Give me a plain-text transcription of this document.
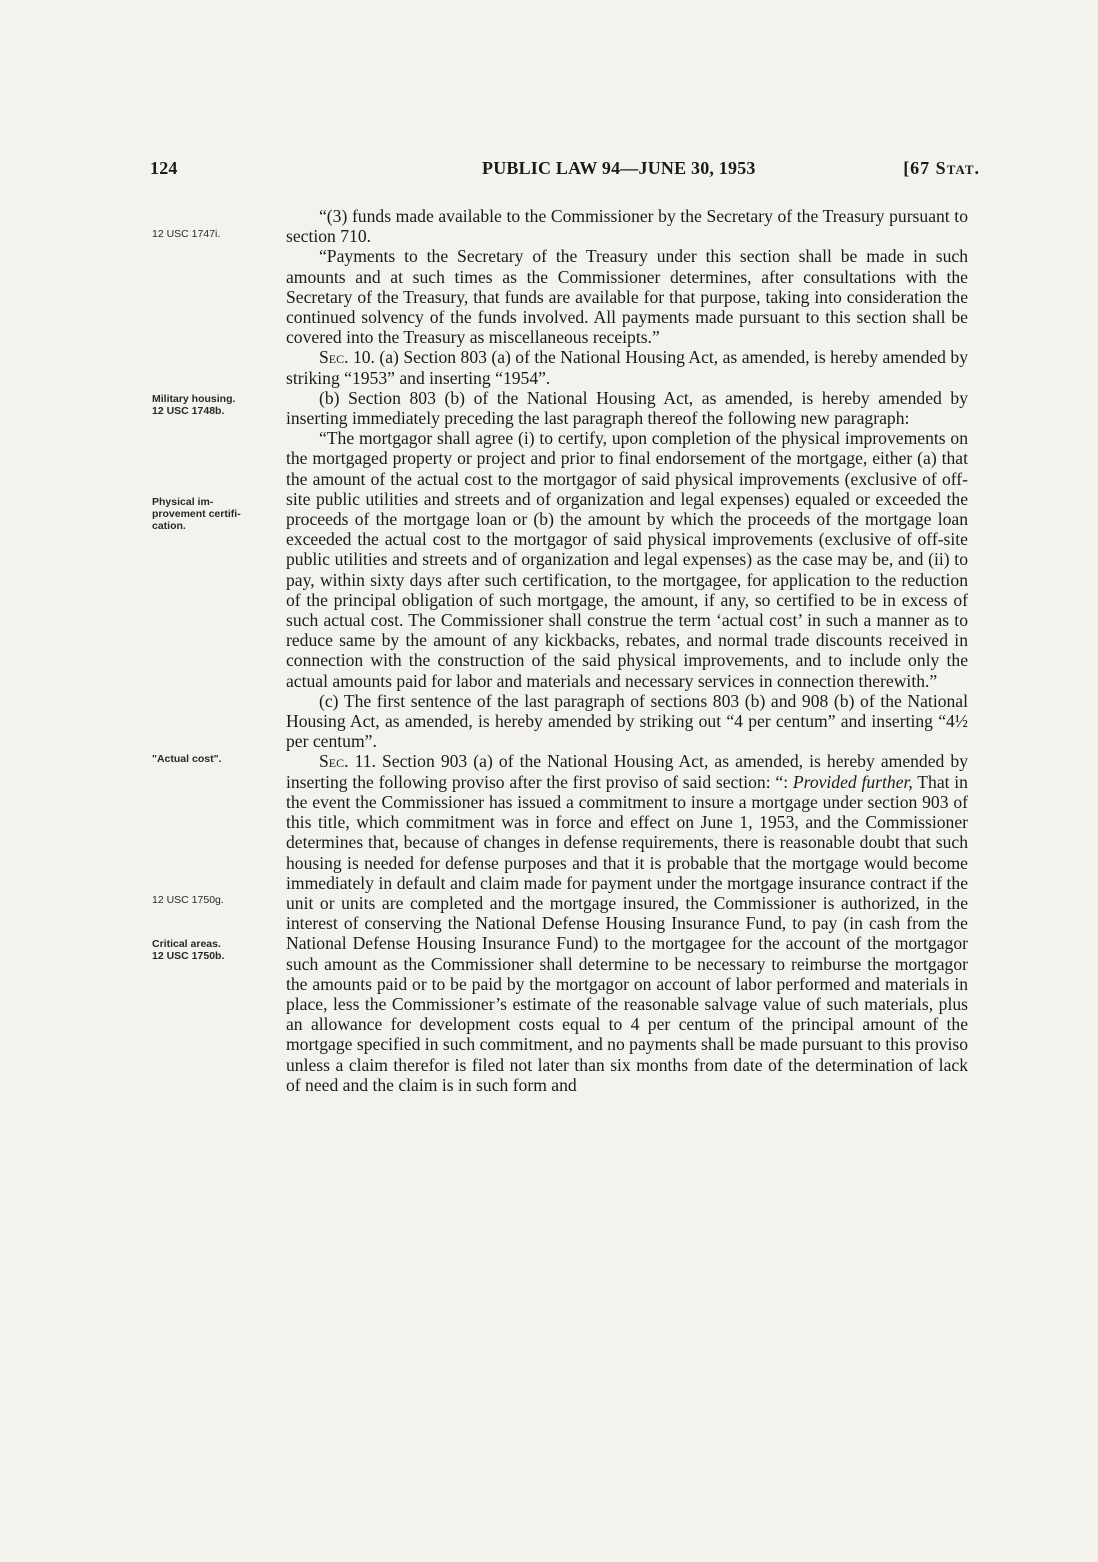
124	PUBLIC LAW 94—JUNE 30, 1953	[67 Stat.
12 USC 1747i.
Military housing.
12 USC 1748b.
Physical im-
provement certifi-
cation.
"Actual cost".
12 USC 1750g.
Critical areas.
12 USC 1750b.

“(3) funds made available to the Commissioner by the Secretary of the Treasury pursuant to section 710.

“Payments to the Secretary of the Treasury under this section shall be made in such amounts and at such times as the Commissioner determines, after consultations with the Secretary of the Treasury, that funds are available for that purpose, taking into consideration the continued solvency of the funds involved. All payments made pursuant to this section shall be covered into the Treasury as miscellaneous receipts.”

Sec. 10. (a) Section 803 (a) of the National Housing Act, as amended, is hereby amended by striking “1953” and inserting “1954”.

(b) Section 803 (b) of the National Housing Act, as amended, is hereby amended by inserting immediately preceding the last paragraph thereof the following new paragraph:

“The mortgagor shall agree (i) to certify, upon completion of the physical improvements on the mortgaged property or project and prior to final endorsement of the mortgage, either (a) that the amount of the actual cost to the mortgagor of said physical improvements (exclusive of off-site public utilities and streets and of organization and legal expenses) equaled or exceeded the proceeds of the mortgage loan or (b) the amount by which the proceeds of the mortgage loan exceeded the actual cost to the mortgagor of said physical improvements (exclusive of off-site public utilities and streets and of organization and legal expenses) as the case may be, and (ii) to pay, within sixty days after such certification, to the mortgagee, for application to the reduction of the principal obligation of such mortgage, the amount, if any, so certified to be in excess of such actual cost. The Commissioner shall construe the term ‘actual cost’ in such a manner as to reduce same by the amount of any kickbacks, rebates, and normal trade discounts received in connection with the construction of the said physical improvements, and to include only the actual amounts paid for labor and materials and necessary services in connection therewith.”

(c) The first sentence of the last paragraph of sections 803 (b) and 908 (b) of the National Housing Act, as amended, is hereby amended by striking out “4 per centum” and inserting “4½ per centum”.

Sec. 11. Section 903 (a) of the National Housing Act, as amended, is hereby amended by inserting the following proviso after the first proviso of said section: “: Provided further, That in the event the Commissioner has issued a commitment to insure a mortgage under section 903 of this title, which commitment was in force and effect on June 1, 1953, and the Commissioner determines that, because of changes in defense requirements, there is reasonable doubt that such housing is needed for defense purposes and that it is probable that the mortgage would become immediately in default and claim made for payment under the mortgage insurance contract if the unit or units are completed and the mortgage insured, the Commissioner is authorized, in the interest of conserving the National Defense Housing Insurance Fund, to pay (in cash from the National Defense Housing Insurance Fund) to the mortgagee for the account of the mortgagor such amount as the Commissioner shall determine to be necessary to reimburse the mortgagor the amounts paid or to be paid by the mortgagor on account of labor performed and materials in place, less the Commissioner’s estimate of the reasonable salvage value of such materials, plus an allowance for development costs equal to 4 per centum of the principal amount of the mortgage specified in such commitment, and no payments shall be made pursuant to this proviso unless a claim therefor is filed not later than six months from date of the determination of lack of need and the claim is in such form and
